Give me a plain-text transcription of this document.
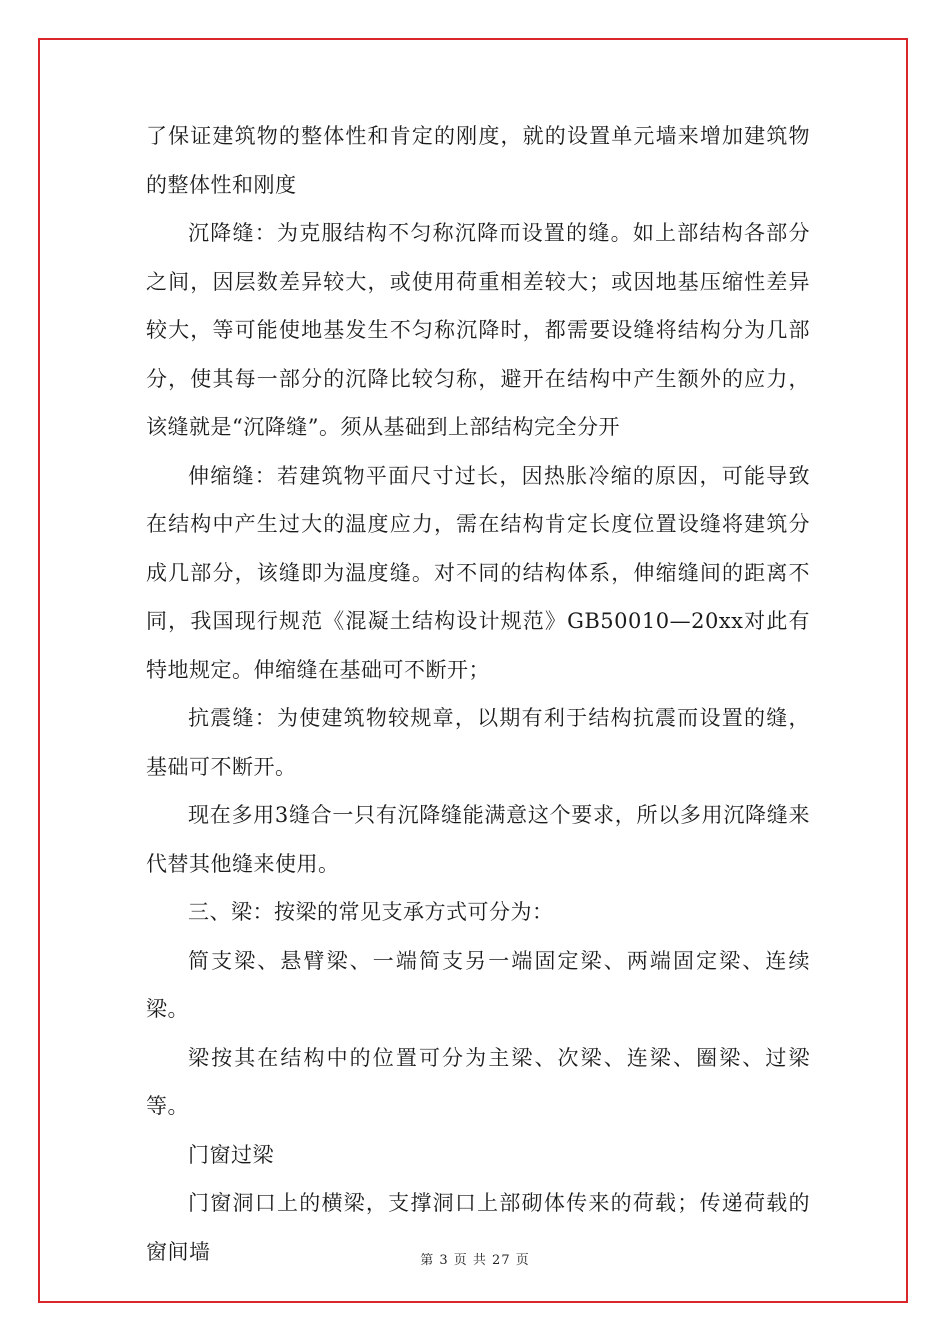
了保证建筑物的整体性和肯定的刚度，就的设置单元墙来增加建筑物的整体性和刚度

沉降缝：为克服结构不匀称沉降而设置的缝。如上部结构各部分之间，因层数差异较大，或使用荷重相差较大；或因地基压缩性差异较大，等可能使地基发生不匀称沉降时，都需要设缝将结构分为几部分，使其每一部分的沉降比较匀称，避开在结构中产生额外的应力，该缝就是“沉降缝”。须从基础到上部结构完全分开

伸缩缝：若建筑物平面尺寸过长，因热胀冷缩的原因，可能导致在结构中产生过大的温度应力，需在结构肯定长度位置设缝将建筑分成几部分，该缝即为温度缝。对不同的结构体系，伸缩缝间的距离不同，我国现行规范《混凝土结构设计规范》GB50010—20xx对此有特地规定。伸缩缝在基础可不断开；

抗震缝：为使建筑物较规章，以期有利于结构抗震而设置的缝，基础可不断开。

现在多用3缝合一只有沉降缝能满意这个要求，所以多用沉降缝来代替其他缝来使用。

三、梁：按梁的常见支承方式可分为：

简支梁、悬臂梁、一端简支另一端固定梁、两端固定梁、连续梁。

梁按其在结构中的位置可分为主梁、次梁、连梁、圈梁、过梁等。

门窗过梁

门窗洞口上的横梁，支撑洞口上部砌体传来的荷载；传递荷载的窗间墙	第 3 页 共 27 页
